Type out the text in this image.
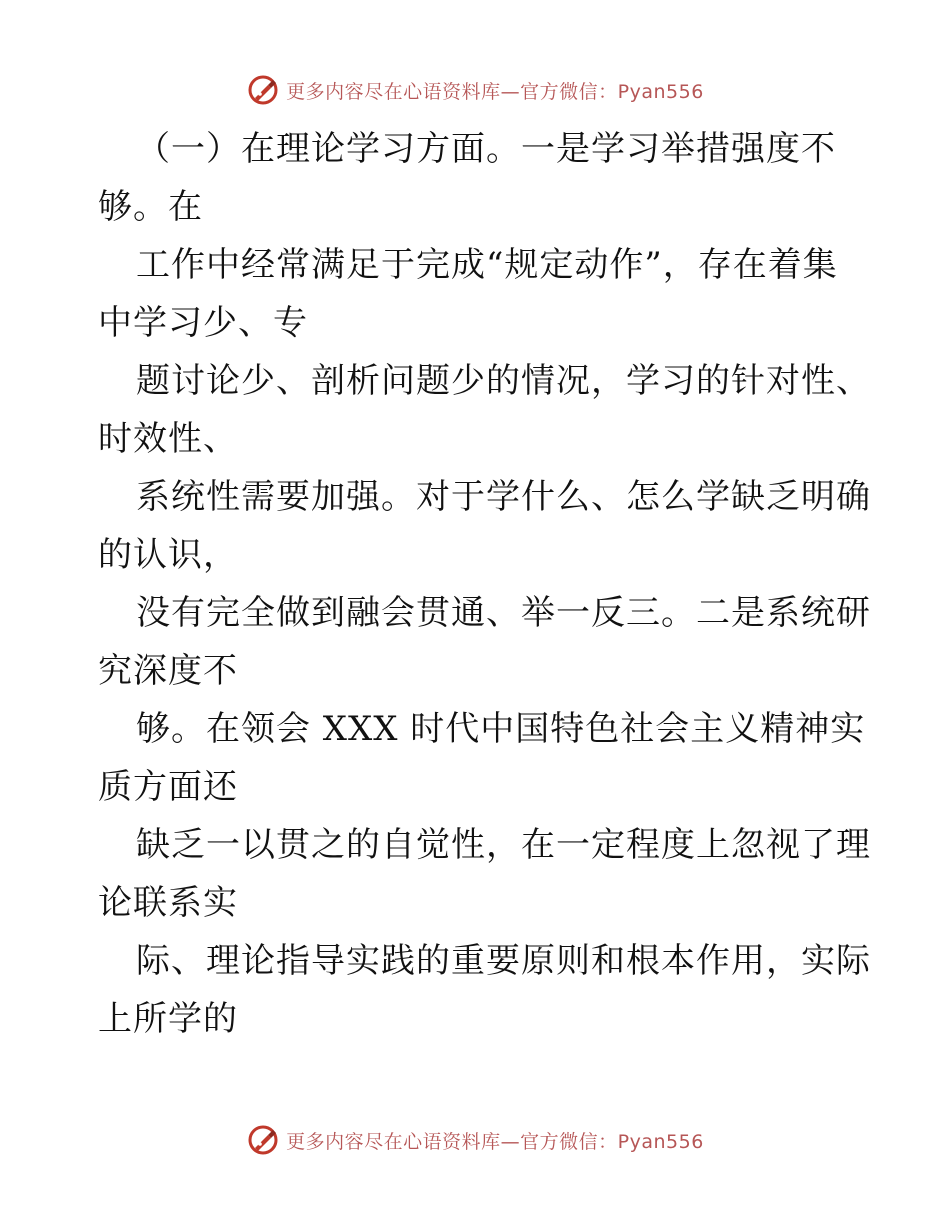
更多内容尽在心语资料库—官方微信：Pyan556
（一）在理论学习方面。一是学习举措强度不
够。在
工作中经常满足于完成“规定动作”，存在着集
中学习少、专
题讨论少、剖析问题少的情况，学习的针对性、
时效性、
系统性需要加强。对于学什么、怎么学缺乏明确
的认识，
没有完全做到融会贯通、举一反三。二是系统研
究深度不
够。在领会 XXX 时代中国特色社会主义精神实
质方面还
缺乏一以贯之的自觉性，在一定程度上忽视了理
论联系实
际、理论指导实践的重要原则和根本作用，实际
上所学的
更多内容尽在心语资料库—官方微信：Pyan556
